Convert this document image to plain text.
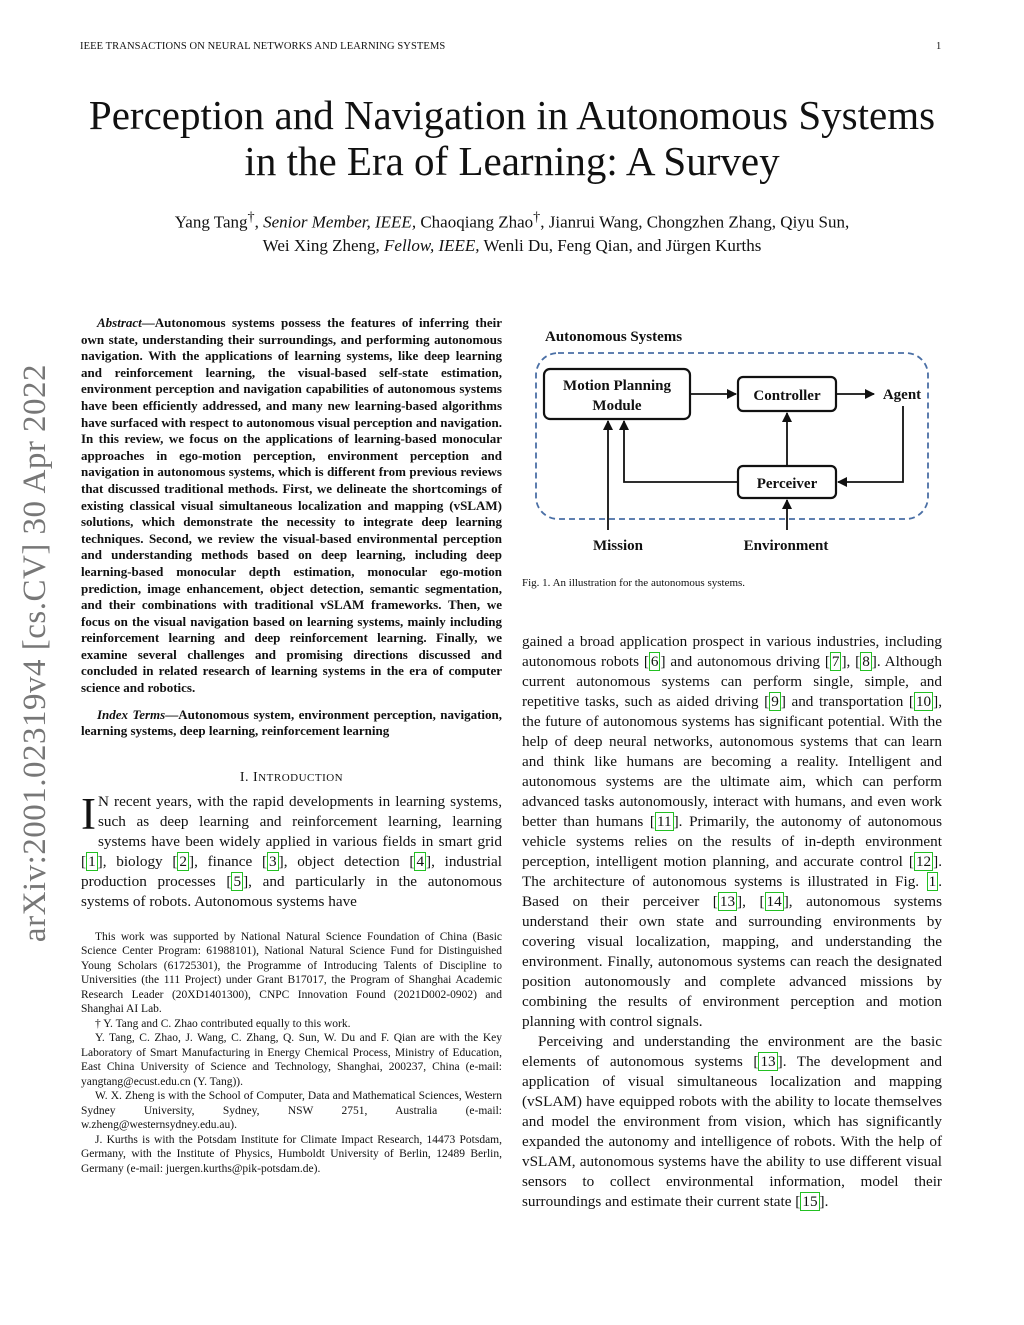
IEEE TRANSACTIONS ON NEURAL NETWORKS AND LEARNING SYSTEMS	1
Perception and Navigation in Autonomous Systems
in the Era of Learning: A Survey
Yang Tang†, Senior Member, IEEE, Chaoqiang Zhao†, Jianrui Wang, Chongzhen Zhang, Qiyu Sun,
Wei Xing Zheng, Fellow, IEEE, Wenli Du, Feng Qian, and Jürgen Kurths
arXiv:2001.02319v4 [cs.CV] 30 Apr 2022

Abstract—Autonomous systems possess the features of inferring their own state, understanding their surroundings, and performing autonomous navigation. With the applications of learning systems, like deep learning and reinforcement learning, the visual-based self-state estimation, environment perception and navigation capabilities of autonomous systems have been efficiently addressed, and many new learning-based algorithms have surfaced with respect to autonomous visual perception and navigation. In this review, we focus on the applications of learning-based monocular approaches in ego-motion perception, environment perception and navigation in autonomous systems, which is different from previous reviews that discussed traditional methods. First, we delineate the shortcomings of existing classical visual simultaneous localization and mapping (vSLAM) solutions, which demonstrate the necessity to integrate deep learning techniques. Second, we review the visual-based environmental perception and understanding methods based on deep learning, including deep learning-based monocular depth estimation, monocular ego-motion prediction, image enhancement, object detection, semantic segmentation, and their combinations with traditional vSLAM frameworks. Then, we focus on the visual navigation based on learning systems, mainly including reinforcement learning and deep reinforcement learning. Finally, we examine several challenges and promising directions discussed and concluded in related research of learning systems in the era of computer science and robotics.

Index Terms—Autonomous system, environment perception, navigation, learning systems, deep learning, reinforcement learning

I. INTRODUCTION

I N recent years, with the rapid developments in learning systems, such as deep learning and reinforcement learning, learning systems have been widely applied in various fields in smart grid [ 1 ], biology [ 2 ], finance [ 3 ], object detection [ 4 ], industrial production processes [ 5 ], and particularly in the autonomous systems of robots. Autonomous systems have

This work was supported by National Natural Science Foundation of China (Basic Science Center Program: 61988101), National Natural Science Fund for Distinguished Young Scholars (61725301), the Programme of Introducing Talents of Discipline to Universities (the 111 Project) under Grant B17017, the Program of Shanghai Academic Research Leader (20XD1401300), CNPC Innovation Found (2021D002-0902) and Shanghai AI Lab.

† Y. Tang and C. Zhao contributed equally to this work.

Y. Tang, C. Zhao, J. Wang, C. Zhang, Q. Sun, W. Du and F. Qian are with the Key Laboratory of Smart Manufacturing in Energy Chemical Process, Ministry of Education, East China University of Science and Technology, Shanghai, 200237, China (e-mail: yangtang@ecust.edu.cn (Y. Tang)).

W. X. Zheng is with the School of Computer, Data and Mathematical Sciences, Western Sydney University, Sydney, NSW 2751, Australia (e-mail: w.zheng@westernsydney.edu.au).

J. Kurths is with the Potsdam Institute for Climate Impact Research, 14473 Potsdam, Germany, with the Institute of Physics, Humboldt University of Berlin, 12489 Berlin, Germany (e-mail: juergen.kurths@pik-potsdam.de).

Autonomous Systems
Motion Planning
Module
Controller	Agent
Perceiver
Mission	Environment
Fig. 1. An illustration for the autonomous systems.

gained a broad application prospect in various industries, including autonomous robots [ 6 ] and autonomous driving [ 7 ], [ 8 ]. Although current autonomous systems can perform single, simple, and repetitive tasks, such as aided driving [ 9 ] and transportation [ 10 ], the future of autonomous systems has significant potential. With the help of deep neural networks, autonomous systems that can learn and think like humans are becoming a reality. Intelligent and autonomous systems are the ultimate aim, which can perform advanced tasks autonomously, interact with humans, and even work better than humans [ 11 ]. Primarily, the autonomy of autonomous vehicle systems relies on the results of in-depth environment perception, intelligent motion planning, and accurate control [ 12 ]. The architecture of autonomous systems is illustrated in Fig. 1 . Based on their perceiver [ 13 ], [ 14 ], autonomous systems understand their own state and surrounding environments by covering visual localization, mapping, and understanding the environment. Finally, autonomous systems can reach the designated position autonomously and complete advanced missions by combining the results of environment perception and motion planning with control signals.

Perceiving and understanding the environment are the basic elements of autonomous systems [ 13 ]. The development and application of visual simultaneous localization and mapping (vSLAM) have equipped robots with the ability to locate themselves and model the environment from vision, which has significantly expanded the autonomy and intelligence of robots. With the help of vSLAM, autonomous systems have the ability to use different visual sensors to collect environmental information, model their surroundings and estimate their current state [ 15 ].
